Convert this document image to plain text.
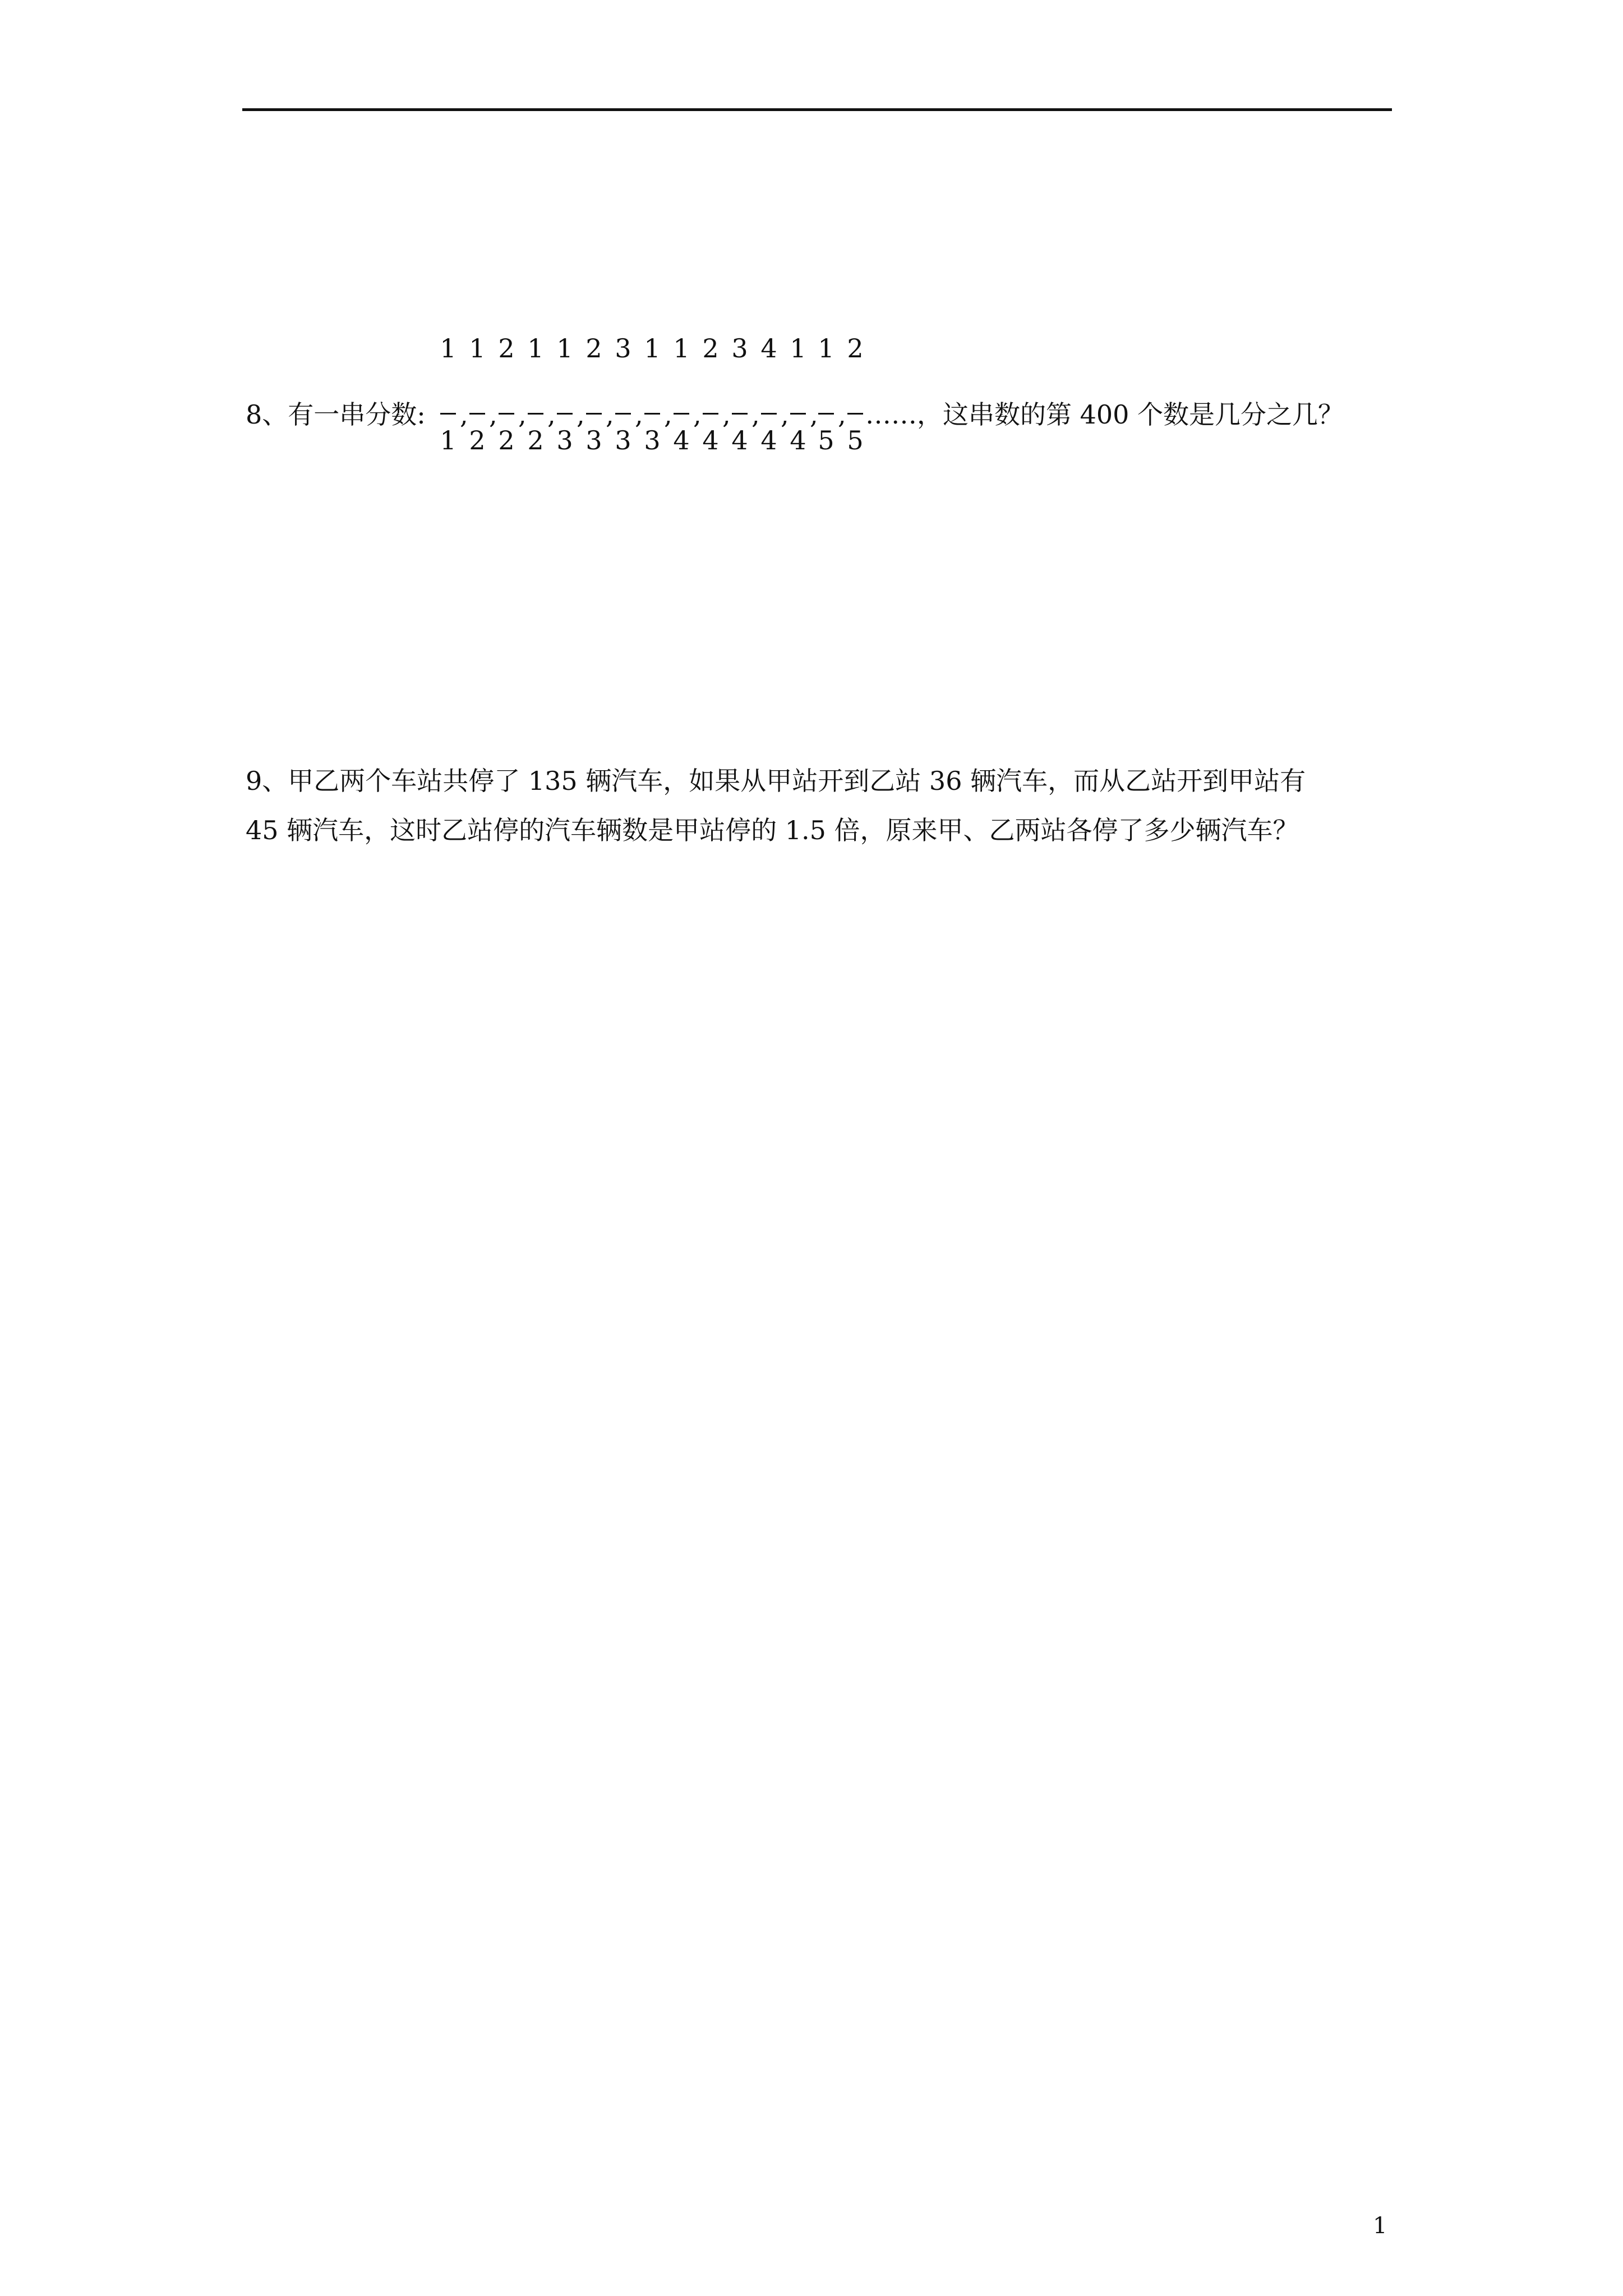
8、有一串分数:
1
1
,
1
2
,
2
2
,
1
2
,
1
3
,
2
3
,
3
3
,
1
3
,
1
4
,
2
4
,
3
4
,
4
4
,
1
4
,
1
5
,
2
5
……，这串数的第 400 个数是几分之几？
9、甲乙两个车站共停了 135 辆汽车，如果从甲站开到乙站 36 辆汽车，而从乙站开到甲站有
45 辆汽车，这时乙站停的汽车辆数是甲站停的 1.5 倍，原来甲、乙两站各停了多少辆汽车？
1
